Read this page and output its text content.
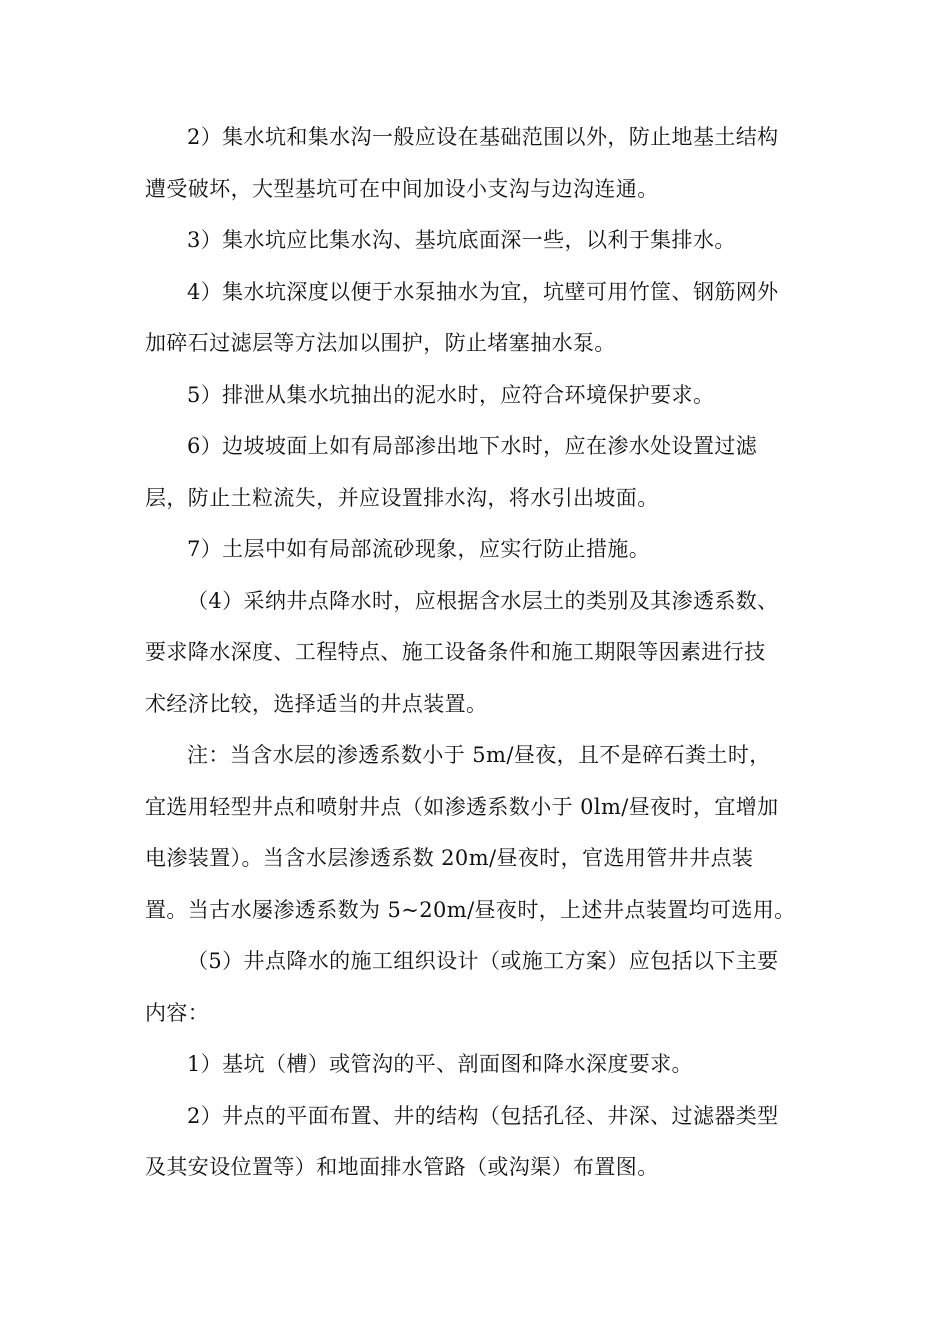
2）集水坑和集水沟一般应设在基础范围以外，防止地基土结构
遭受破坏，大型基坑可在中间加设小支沟与边沟连通。

3）集水坑应比集水沟、基坑底面深一些，以利于集排水。

4）集水坑深度以便于水泵抽水为宜，坑壁可用竹筐、钢筋网外
加碎石过滤层等方法加以围护，防止堵塞抽水泵。

5）排泄从集水坑抽出的泥水时，应符合环境保护要求。

6）边坡坡面上如有局部渗出地下水时，应在渗水处设置过滤
层，防止土粒流失，并应设置排水沟，将水引出坡面。

7）土层中如有局部流砂现象，应实行防止措施。

（4）采纳井点降水时，应根据含水层土的类别及其渗透系数、
要求降水深度、工程特点、施工设备条件和施工期限等因素进行技
术经济比较，选择适当的井点装置。

注：当含水层的渗透系数小于 5m/昼夜，且不是碎石粪土时，
宜选用轻型井点和喷射井点（如渗透系数小于 0lm/昼夜时，宜增加
电渗装置）。当含水层渗透系数 20m/昼夜时，官选用管井井点装
置。当古水屡渗透系数为 5~20m/昼夜时，上述井点装置均可选用。

（5）井点降水的施工组织设计（或施工方案）应包括以下主要
内容：

1）基坑（槽）或管沟的平、剖面图和降水深度要求。

2）井点的平面布置、井的结构（包括孔径、井深、过滤器类型
及其安设位置等）和地面排水管路（或沟渠）布置图。
